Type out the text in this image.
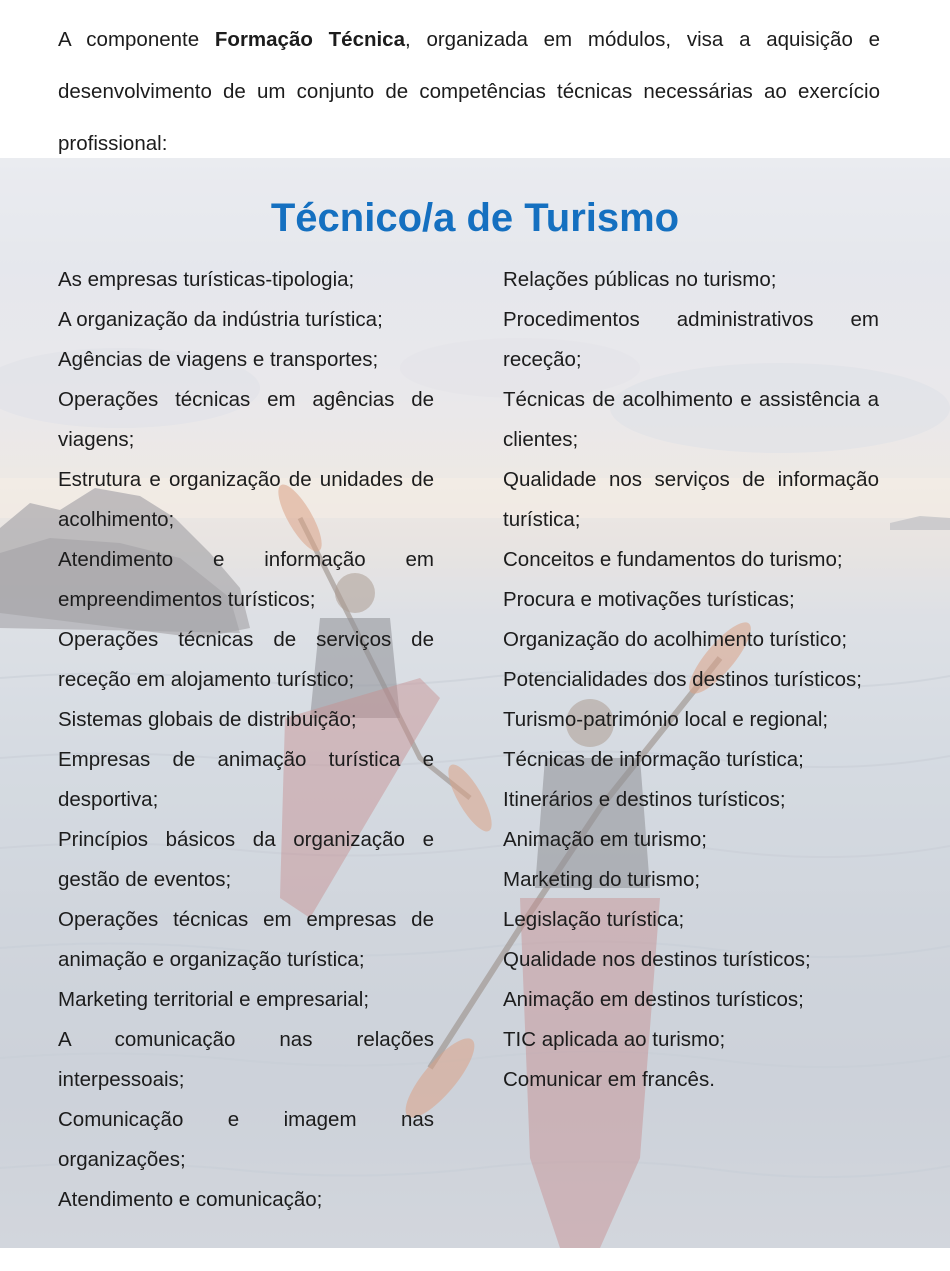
A componente Formação Técnica, organizada em módulos, visa a aquisição e desenvolvimento de um conjunto de competências técnicas necessárias ao exercício profissional:

Técnico/a de Turismo
As empresas turísticas-tipologia;
A organização da indústria turística;
Agências de viagens e transportes;
Operações técnicas em agências de viagens;
Estrutura e organização de unidades de acolhimento;
Atendimento e informação em empreendimentos turísticos;
Operações técnicas de serviços de receção em alojamento turístico;
Sistemas globais de distribuição;
Empresas de animação turística e desportiva;
Princípios básicos da organização e gestão de eventos;
Operações técnicas em empresas de animação e organização turística;
Marketing territorial e empresarial;
A comunicação nas relações interpessoais;
Comunicação e imagem nas organizações;
Atendimento e comunicação;
Relações públicas no turismo;
Procedimentos administrativos em receção;
Técnicas de acolhimento e assistência a clientes;
Qualidade nos serviços de informação turística;
Conceitos e fundamentos do turismo;
Procura e motivações turísticas;
Organização do acolhimento turístico;
Potencialidades dos destinos turísticos;
Turismo-património local e regional;
Técnicas de informação turística;
Itinerários e destinos turísticos;
Animação em turismo;
Marketing do turismo;
Legislação turística;
Qualidade nos destinos turísticos;
Animação em destinos turísticos;
TIC aplicada ao turismo;
Comunicar em francês.
